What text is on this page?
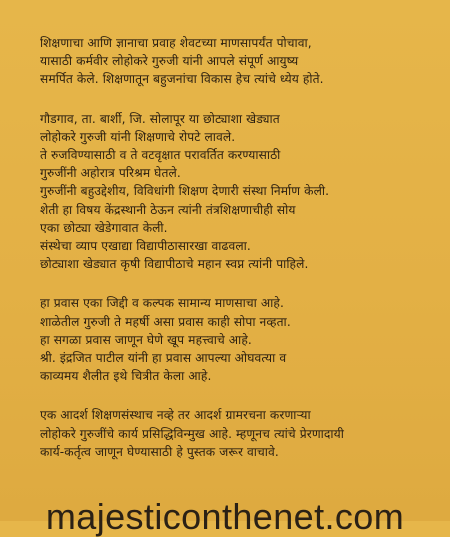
शिक्षणाचा आणि ज्ञानाचा प्रवाह शेवटच्या माणसापर्यंत पोचावा,
यासाठी कर्मवीर लोहोकरे गुरुजी यांनी आपले संपूर्ण आयुष्य
समर्पित केले. शिक्षणातून बहुजनांचा विकास हेच त्यांचे ध्येय होते.

गौडगाव, ता. बार्शी, जि. सोलापूर या छोट्याशा खेड्यात
लोहोकरे गुरुजी यांनी शिक्षणाचे रोपटे लावले.
ते रुजविण्यासाठी व ते वटवृक्षात परावर्तित करण्यासाठी
गुरुजींनी अहोरात्र परिश्रम घेतले.
गुरुजींनी बहुउद्देशीय, विविधांगी शिक्षण देणारी संस्था निर्माण केली.
शेती हा विषय केंद्रस्थानी ठेऊन त्यांनी तंत्रशिक्षणाचीही सोय
एका छोट्या खेडेगावात केली.
संस्थेचा व्याप एखाद्या विद्यापीठासारखा वाढवला.
छोट्याशा खेड्यात कृषी विद्यापीठाचे महान स्वप्न त्यांनी पाहिले.

हा प्रवास एका जिद्दी व कल्पक सामान्य माणसाचा आहे.
शाळेतील गुरुजी ते महर्षी असा प्रवास काही सोपा नव्हता.
हा सगळा प्रवास जाणून घेणे खूप महत्त्वाचे आहे.
श्री. इंद्रजित पाटील यांनी हा प्रवास आपल्या ओघवत्या व
काव्यमय शैलीत इथे चित्रीत केला आहे.

एक आदर्श शिक्षणसंस्थाच नव्हे तर आदर्श ग्रामरचना करणाऱ्या
लोहोकरे गुरुजींचे कार्य प्रसिद्धिविन्मुख आहे. म्हणूनच त्यांचे प्रेरणादायी
कार्य-कर्तृत्व जाणून घेण्यासाठी हे पुस्तक जरूर वाचावे.

majesticonthenet.com
